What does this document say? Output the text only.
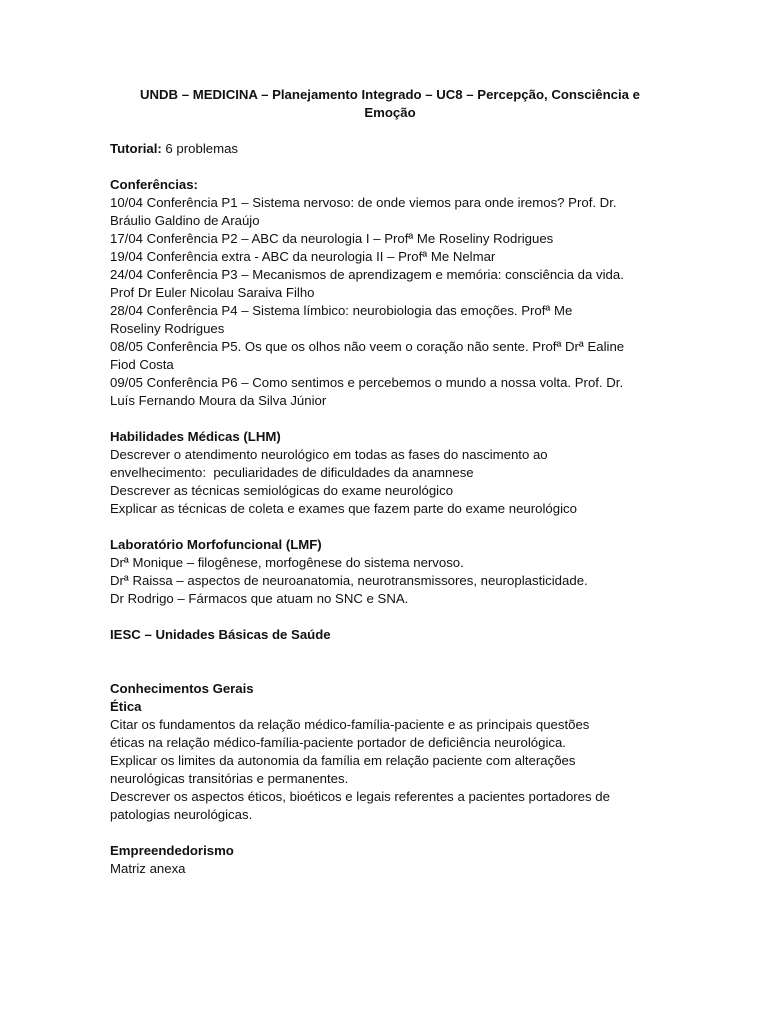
UNDB – MEDICINA – Planejamento Integrado – UC8 – Percepção, Consciência e
Emoção
Tutorial: 6 problemas
Conferências:
10/04 Conferência P1 – Sistema nervoso: de onde viemos para onde iremos? Prof. Dr.
Bráulio Galdino de Araújo
17/04 Conferência P2 – ABC da neurologia I – Profª Me Roseliny Rodrigues
19/04 Conferência extra - ABC da neurologia II – Profª Me Nelmar
24/04 Conferência P3 – Mecanismos de aprendizagem e memória: consciência da vida.
Prof Dr Euler Nicolau Saraiva Filho
28/04 Conferência P4 – Sistema límbico: neurobiologia das emoções. Profª Me
Roseliny Rodrigues
08/05 Conferência P5. Os que os olhos não veem o coração não sente. Profª Drª Ealine
Fiod Costa
09/05 Conferência P6 – Como sentimos e percebemos o mundo a nossa volta. Prof. Dr.
Luís Fernando Moura da Silva Júnior
Habilidades Médicas (LHM)
Descrever o atendimento neurológico em todas as fases do nascimento ao
envelhecimento:  peculiaridades de dificuldades da anamnese
Descrever as técnicas semiológicas do exame neurológico
Explicar as técnicas de coleta e exames que fazem parte do exame neurológico
Laboratório Morfofuncional (LMF)
Drª Monique – filogênese, morfogênese do sistema nervoso.
Drª Raissa – aspectos de neuroanatomia, neurotransmissores, neuroplasticidade.
Dr Rodrigo – Fármacos que atuam no SNC e SNA.
IESC – Unidades Básicas de Saúde
Conhecimentos Gerais
Ética
Citar os fundamentos da relação médico-família-paciente e as principais questões
éticas na relação médico-família-paciente portador de deficiência neurológica.
Explicar os limites da autonomia da família em relação paciente com alterações
neurológicas transitórias e permanentes.
Descrever os aspectos éticos, bioéticos e legais referentes a pacientes portadores de
patologias neurológicas.
Empreendedorismo
Matriz anexa
